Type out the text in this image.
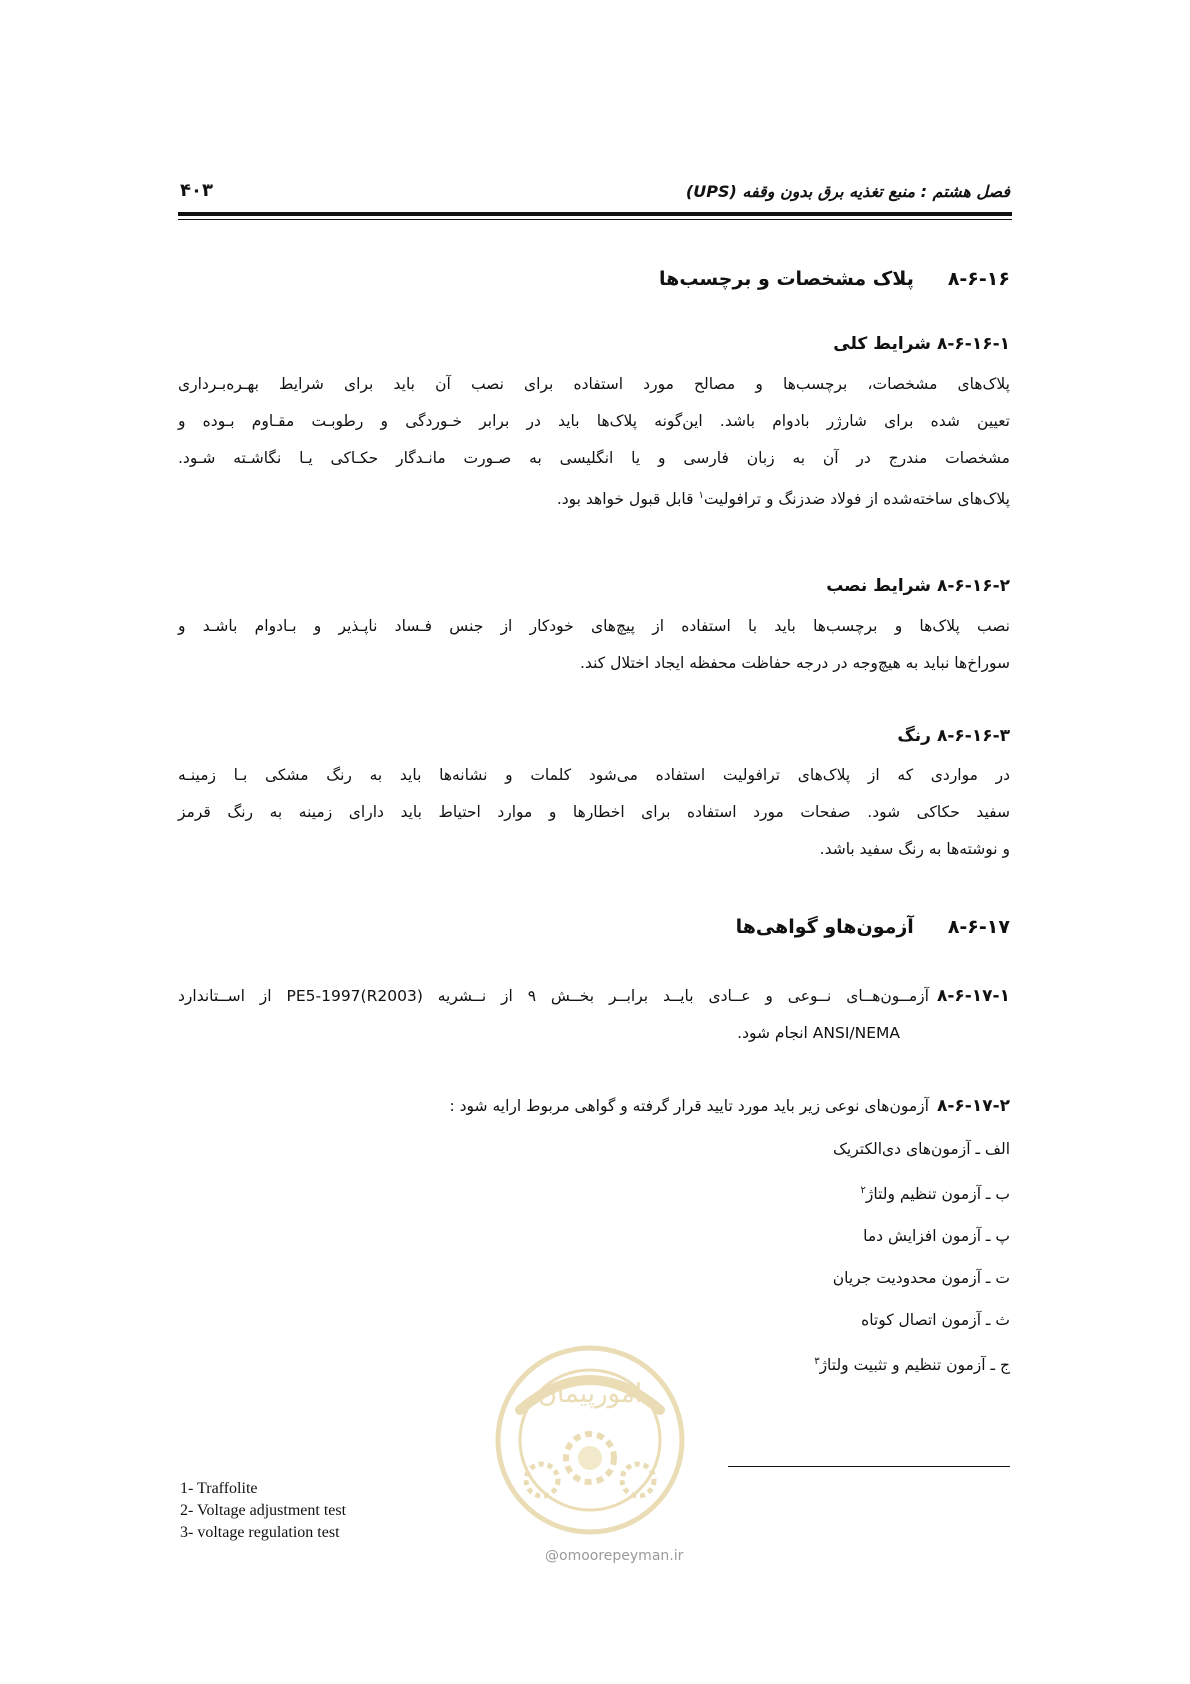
فصل هشتم : منبع تغذیه برق بدون وقفه (UPS)
۴۰۳
۸-۶-۱۶پلاک مشخصات و برچسب‌ها
۸-۶-۱۶-۱شرایط کلی
پلاک‌های مشخصات، برچسب‌ها و مصالح مورد استفاده برای نصب آن باید برای شرایط بهـره‌بـرداری
تعیین شده برای شارژر بادوام باشد. این‌گونه پلاک‌ها باید در برابر خـوردگی و رطوبـت مقـاوم بـوده و
مشخصات مندرج در آن به زبان فارسی و یا انگلیسی به صـورت مانـدگار حکـاکی یـا نگاشـته شـود.
پلاک‌های ساخته‌شده از فولاد ضدزنگ و ترافولیت$^۱$ قابل قبول خواهد بود.
۸-۶-۱۶-۲شرایط نصب
نصب پلاک‌ها و برچسب‌ها باید با استفاده از پیچ‌های خودکار از جنس فـساد ناپـذیر و بـادوام باشـد و
سوراخ‌ها نباید به هیچ‌وجه در درجه حفاظت محفظه ایجاد اختلال کند.
۸-۶-۱۶-۳رنگ
در مواردی که از پلاک‌های ترافولیت استفاده می‌شود کلمات و نشانه‌ها باید به رنگ مشکی بـا زمینـه
سفید حکاکی شود. صفحات مورد استفاده برای اخطارها و موارد احتیاط باید دارای زمینه به رنگ قرمز
و نوشته‌ها به رنگ سفید باشد.
۸-۶-۱۷آزمون‌هاو گواهی‌ها
۸-۶-۱۷-۱آزمــون‌هــای نــوعی و عــادی بایــد برابــر بخــش ۹ از نــشریه (PE5-1997(R2003 از اســتاندارد
ANSI/NEMA انجام شود.
۸-۶-۱۷-۲آزمون‌های نوعی زیر باید مورد تایید قرار گرفته و گواهی مربوط ارایه شود :
الف ـ آزمون‌های دی‌الکتریک
ب ـ آزمون تنظیم ولتاژ$^۲$
پ ـ آزمون افزایش دما
ت ـ آزمون محدودیت جریان
ث ـ آزمون اتصال کوتاه
ج ـ آزمون تنظیم و تثبیت ولتاژ$^۳$
امورپیمان
@omoorepeyman.ir
1- Traffolite
2- Voltage adjustment test
3- voltage regulation test
